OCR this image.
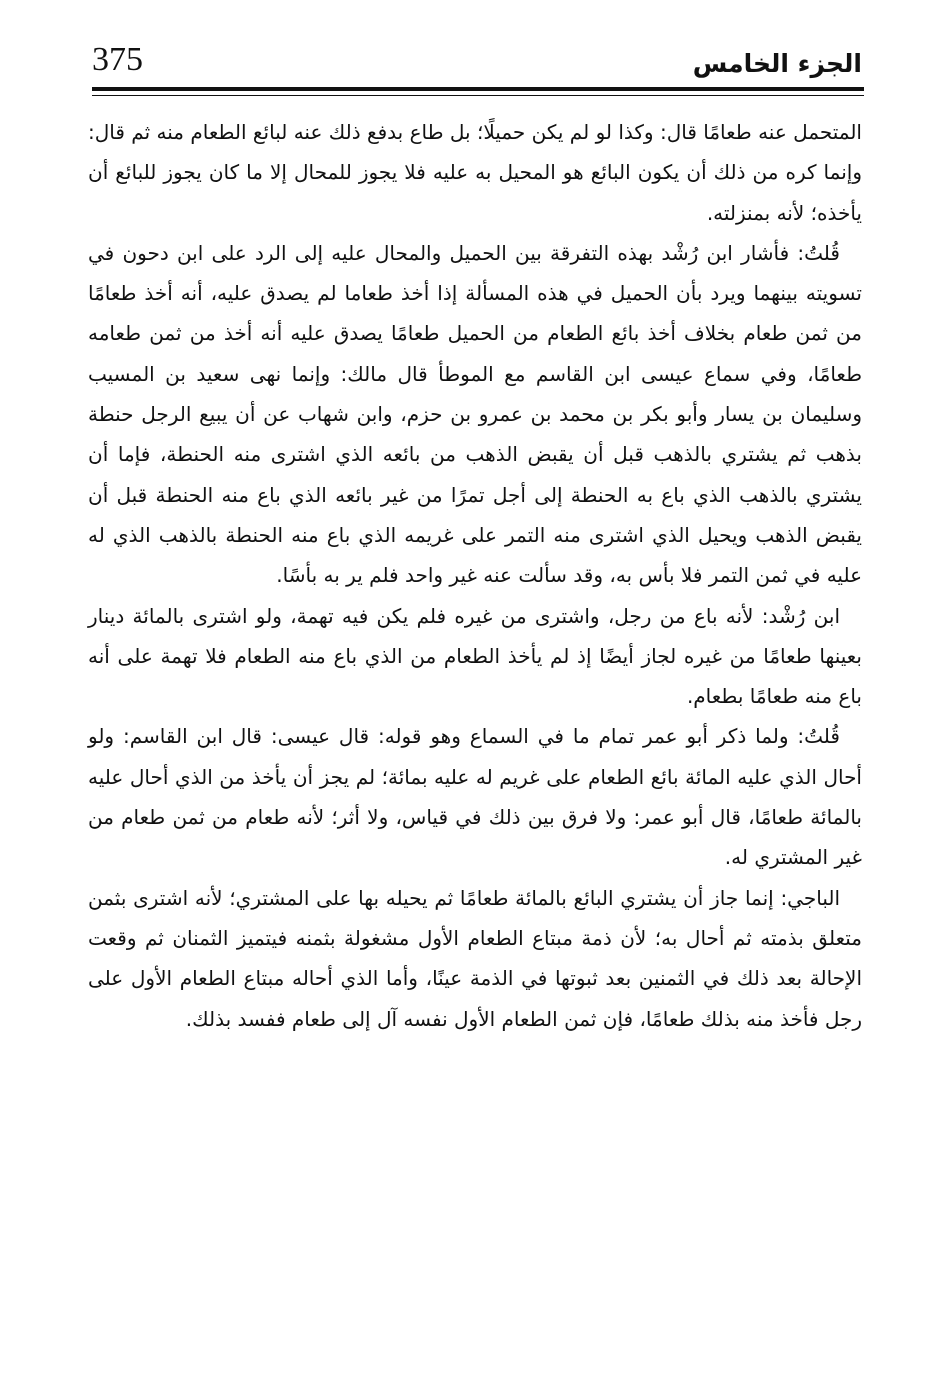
375	الجزء الخامس

المتحمل عنه طعامًا قال: وكذا لو لم يكن حميلًا؛ بل طاع بدفع ذلك عنه لبائع الطعام منه ثم قال: وإنما كره من ذلك أن يكون البائع هو المحيل به عليه فلا يجوز للمحال إلا ما كان يجوز للبائع أن يأخذه؛ لأنه بمنزلته.

قُلتُ: فأشار ابن رُشْد بهذه التفرقة بين الحميل والمحال عليه إلى الرد على ابن دحون في تسويته بينهما ويرد بأن الحميل في هذه المسألة إذا أخذ طعاما لم يصدق عليه، أنه أخذ طعامًا من ثمن طعام بخلاف أخذ بائع الطعام من الحميل طعامًا يصدق عليه أنه أخذ من ثمن طعامه طعامًا، وفي سماع عيسى ابن القاسم مع الموطأ قال مالك: وإنما نهى سعيد بن المسيب وسليمان بن يسار وأبو بكر بن محمد بن عمرو بن حزم، وابن شهاب عن أن يبيع الرجل حنطة بذهب ثم يشتري بالذهب قبل أن يقبض الذهب من بائعه الذي اشترى منه الحنطة، فإما أن يشتري بالذهب الذي باع به الحنطة إلى أجل تمرًا من غير بائعه الذي باع منه الحنطة قبل أن يقبض الذهب ويحيل الذي اشترى منه التمر على غريمه الذي باع منه الحنطة بالذهب الذي له عليه في ثمن التمر فلا بأس به، وقد سألت عنه غير واحد فلم ير به بأسًا.

ابن رُشْد: لأنه باع من رجل، واشترى من غيره فلم يكن فيه تهمة، ولو اشترى بالمائة دينار بعينها طعامًا من غيره لجاز أيضًا إذ لم يأخذ الطعام من الذي باع منه الطعام فلا تهمة على أنه باع منه طعامًا بطعام.

قُلتُ: ولما ذكر أبو عمر تمام ما في السماع وهو قوله: قال عيسى: قال ابن القاسم: ولو أحال الذي عليه المائة بائع الطعام على غريم له عليه بمائة؛ لم يجز أن يأخذ من الذي أحال عليه بالمائة طعامًا، قال أبو عمر: ولا فرق بين ذلك في قياس، ولا أثر؛ لأنه طعام من ثمن طعام من غير المشتري له.

الباجي: إنما جاز أن يشتري البائع بالمائة طعامًا ثم يحيله بها على المشتري؛ لأنه اشترى بثمن متعلق بذمته ثم أحال به؛ لأن ذمة مبتاع الطعام الأول مشغولة بثمنه فيتميز الثمنان ثم وقعت الإحالة بعد ذلك في الثمنين بعد ثبوتها في الذمة عينًا، وأما الذي أحاله مبتاع الطعام الأول على رجل فأخذ منه بذلك طعامًا، فإن ثمن الطعام الأول نفسه آل إلى طعام ففسد بذلك.
